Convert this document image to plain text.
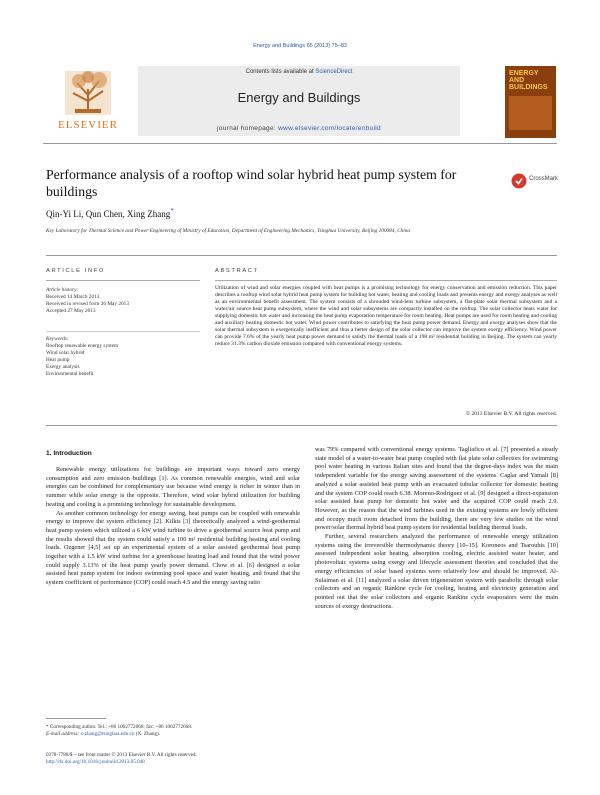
Energy and Buildings 65 (2013) 75–83
Contents lists available at ScienceDirect
Energy and Buildings
journal homepage: www.elsevier.com/locate/enbuild
ELSEVIER
ENERGY AND BUILDINGS
Performance analysis of a rooftop wind solar hybrid heat pump system for buildings
CrossMark
Qin-Yi Li, Qun Chen, Xing Zhang*
Key Laboratory for Thermal Science and Power Engineering of Ministry of Education, Department of Engineering Mechanics, Tsinghua University, Beijing 100084, China
ARTICLE INFO	ABSTRACT
Article history:
Received 14 March 2013
Received in revised form 26 May 2013
Accepted 27 May 2013
Keywords:
Rooftop renewable energy system
Wind solar hybrid
Heat pump
Exergy analysis
Environmental benefit
Utilization of wind and solar energies coupled with heat pumps is a promising technology for energy conservation and emission reduction. This paper describes a rooftop wind solar hybrid heat pump system for building hot water, heating and cooling loads and presents energy and exergy analyses as well as an environmental benefit assessment. The system consists of a shrouded wind-lens turbine subsystem, a flat-plate solar thermal subsystem and a water/air source heat pump subsystem, where the wind and solar subsystems are compactly installed on the rooftop. The solar collector heats water for supplying domestic hot water and increasing the heat pump evaporation temperature for room heating. Heat pumps are used for room heating and cooling and auxiliary heating domestic hot water. Wind power contributes to satisfying the heat pump power demand. Energy and exergy analyses show that the solar thermal subsystem is exergetically inefficient and thus a better design of the solar collector can improve the system exergy efficiency. Wind power can provide 7.6% of the yearly heat pump power demand to satisfy the thermal loads of a 198 m² residential building in Beijing. The system can yearly reduce 31.3% carbon dioxide emission compared with conventional energy systems.
© 2013 Elsevier B.V. All rights reserved.
1. Introduction

Renewable energy utilizations for buildings are important ways toward zero energy consumption and zero emission buildings [1]. As common renewable energies, wind and solar energies can be combined for complementary use because wind energy is richer in winter than in summer while solar energy is the opposite. Therefore, wind solar hybrid utilization for building heating and cooling is a promising technology for sustainable development.

As another common technology for energy saving, heat pumps can be coupled with renewable energy to improve the system efficiency [2]. Kilkis [3] theoretically analyzed a wind-geothermal heat pump system which utilized a 6 kW wind turbine to drive a geothermal source heat pump and the results showed that the system could satisfy a 100 m² residential building heating and cooling loads. Ozgener [4,5] set up an experimental system of a solar assisted geothermal heat pump together with a 1.5 kW wind turbine for a greenhouse heating load and found that the wind power could supply 3.13% of the heat pump yearly power demand. Chow et al. [6] designed a solar assisted heat pump system for indoor swimming pool space and water heating, and found that the system coefficient of performance (COP) could reach 4.5 and the energy saving ratio

was 79% compared with conventional energy systems. Tagliafico et al. [7] presented a steady state model of a water-to-water heat pump coupled with flat plate solar collectors for swimming pool water heating in various Italian sites and found that the degree-days index was the main independent variable for the energy saving assessment of the systems. Caglar and Yamali [8] analyzed a solar assisted heat pump with an evacuated tubular collector for domestic heating and the system COP could reach 6.38. Moreno-Rodriguez et al. [9] designed a direct-expansion solar assisted heat pump for domestic hot water and the acquired COP could reach 2.9. However, as the reason that the wind turbines used in the existing systems are lowly efficient and occupy much room detached from the building, there are very few studies on the wind power/solar thermal hybrid heat pump system for residential building thermal loads.

Further, several researchers analyzed the performance of renewable energy utilization systems using the irreversible thermodynamic theory [10–15]. Koroneos and Tsarouhis [10] assessed independent solar heating, absorption cooling, electric assisted water heater, and photovoltaic systems using exergy and lifecycle assessment theories and concluded that the energy efficiencies of solar based systems were relatively low and should be improved. Al-Sulaiman et al. [11] analyzed a solar driven trigeneration system with parabolic through solar collectors and an organic Rankine cycle for cooling, heating and electricity generation and pointed out that the solar collectors and organic Rankine cycle evaporators were the main sources of exergy destructions.

* Corresponding author. Tel.: +86 1062772668; fax: +86 1062772668.
E-mail address: x-zhang@tsinghua.edu.cn (X. Zhang).
0378-7788/$ – see front matter © 2013 Elsevier B.V. All rights reserved.
http://dx.doi.org/10.1016/j.enbuild.2013.05.048
